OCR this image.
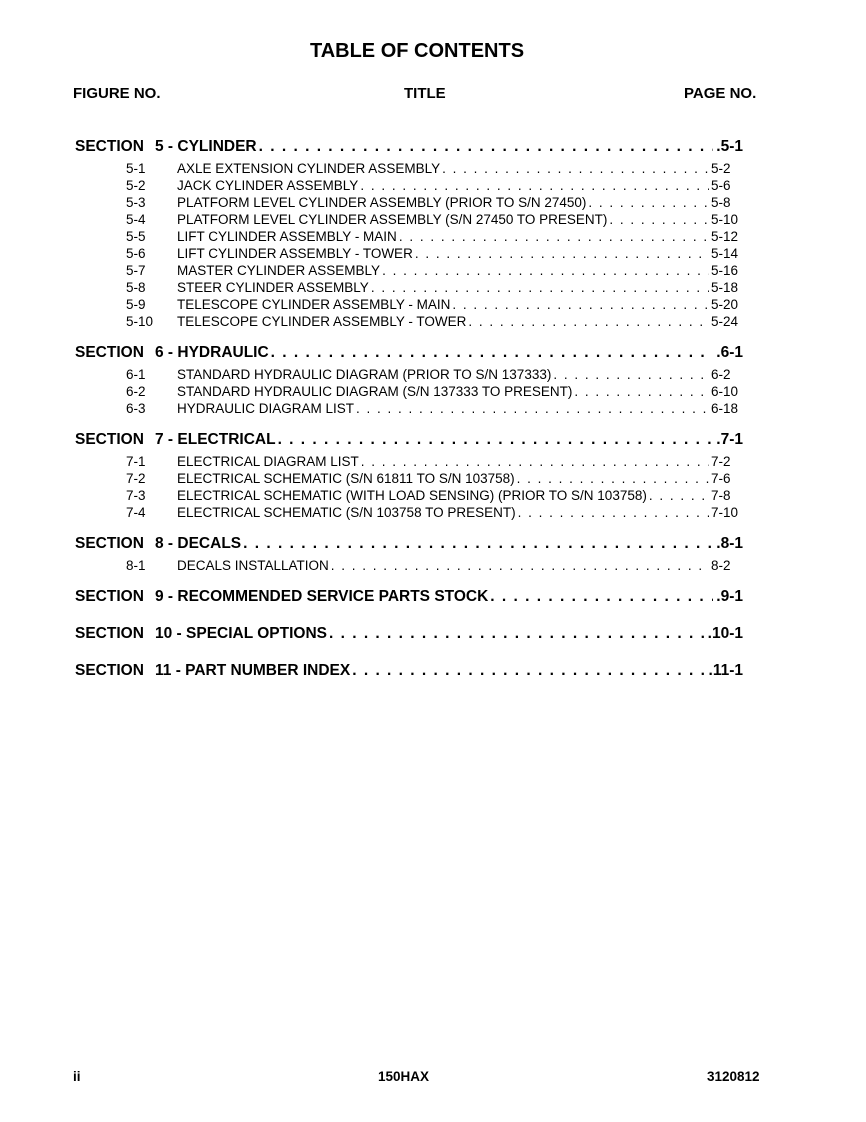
TABLE OF CONTENTS
FIGURE NO.	TITLE	PAGE NO.
SECTION 5 - CYLINDER . . .	.5-1
5-1	AXLE EXTENSION CYLINDER ASSEMBLY . . .	5-2
5-2	JACK CYLINDER ASSEMBLY . . .	5-6
5-3	PLATFORM LEVEL CYLINDER ASSEMBLY (PRIOR TO S/N 27450) . . .	5-8
5-4	PLATFORM LEVEL CYLINDER ASSEMBLY (S/N 27450 TO PRESENT) . . .	5-10
5-5	LIFT CYLINDER ASSEMBLY - MAIN . . .	5-12
5-6	LIFT CYLINDER ASSEMBLY - TOWER . . .	5-14
5-7	MASTER CYLINDER ASSEMBLY . . .	5-16
5-8	STEER CYLINDER ASSEMBLY . . .	5-18
5-9	TELESCOPE CYLINDER ASSEMBLY - MAIN . . .	5-20
5-10	TELESCOPE CYLINDER ASSEMBLY - TOWER . . .	5-24
SECTION 6 - HYDRAULIC . . .	.6-1
6-1	STANDARD HYDRAULIC DIAGRAM (PRIOR TO S/N 137333) . . .	6-2
6-2	STANDARD HYDRAULIC DIAGRAM (S/N 137333 TO PRESENT) . . .	6-10
6-3	HYDRAULIC DIAGRAM LIST . . .	6-18
SECTION 7 - ELECTRICAL . . .	.7-1
7-1	ELECTRICAL DIAGRAM LIST . . .	7-2
7-2	ELECTRICAL SCHEMATIC (S/N 61811 TO S/N 103758) . . .	7-6
7-3	ELECTRICAL SCHEMATIC (WITH LOAD SENSING) (PRIOR TO S/N 103758) . . .	7-8
7-4	ELECTRICAL SCHEMATIC (S/N 103758 TO PRESENT) . . .	7-10
SECTION 8 - DECALS . . .	.8-1
8-1	DECALS INSTALLATION . . .	8-2
SECTION 9 - RECOMMENDED SERVICE PARTS STOCK . . .	.9-1
SECTION 10 - SPECIAL OPTIONS . . .	.10-1
SECTION 11 - PART NUMBER INDEX . . .	.11-1
ii	150HAX	3120812
